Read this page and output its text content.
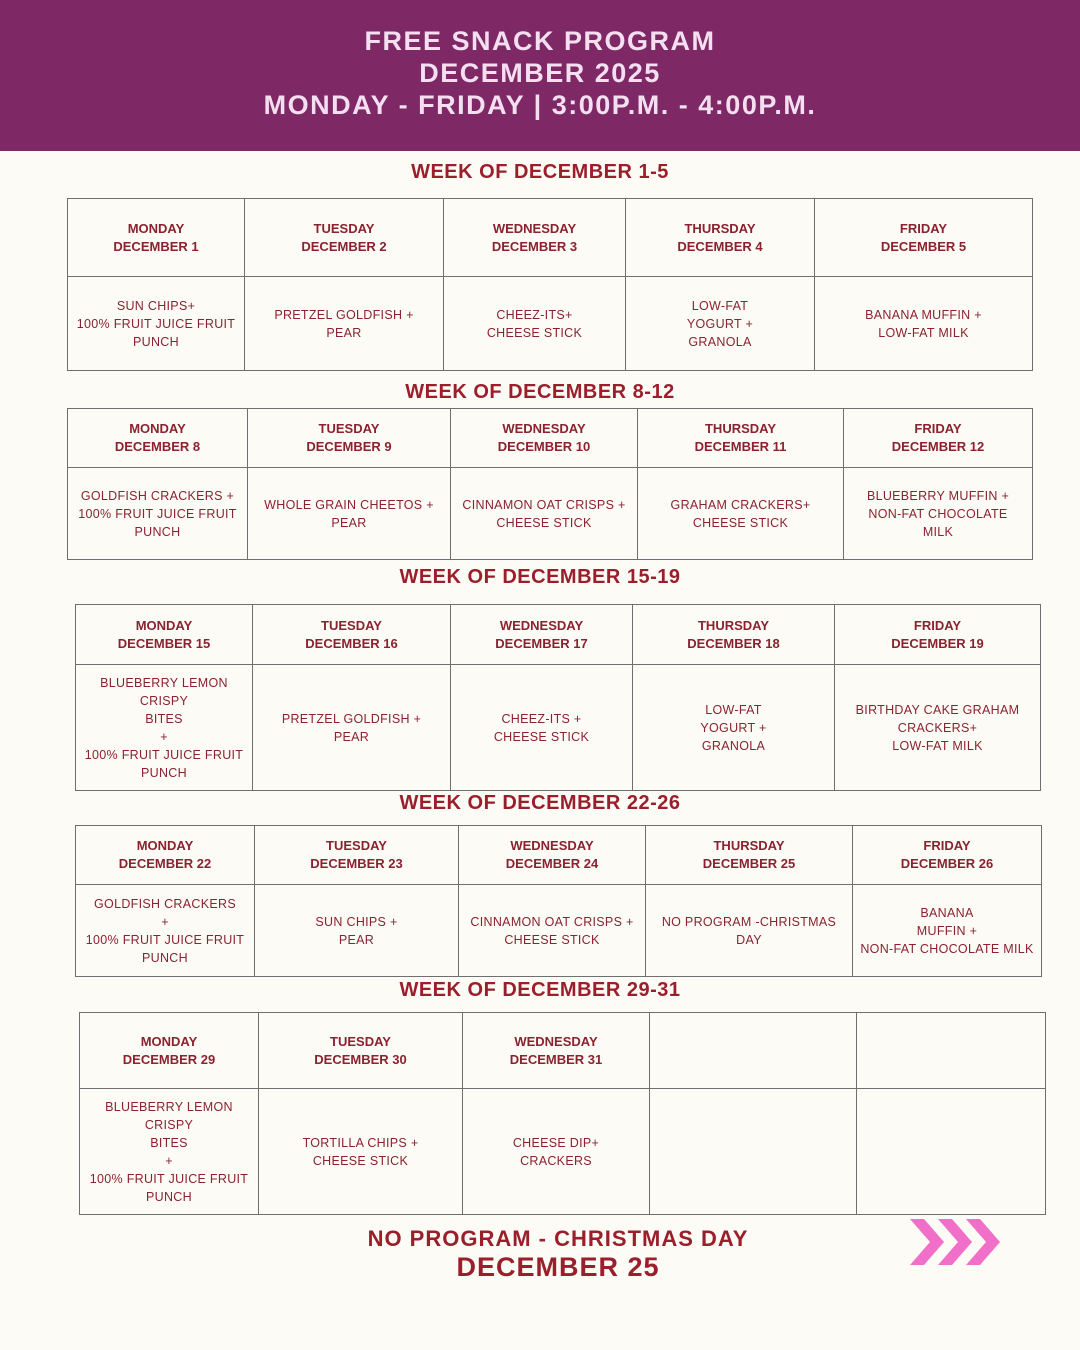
FREE SNACK PROGRAM
DECEMBER 2025
MONDAY - FRIDAY | 3:00P.M. - 4:00P.M.
WEEK OF DECEMBER 1-5
MONDAY
DECEMBER 1	TUESDAY
DECEMBER 2	WEDNESDAY
DECEMBER 3	THURSDAY
DECEMBER 4	FRIDAY
DECEMBER 5

SUN CHIPS+
100% FRUIT JUICE FRUIT
PUNCH	PRETZEL GOLDFISH +
PEAR	CHEEZ-ITS+
CHEESE STICK	LOW-FAT
YOGURT +
GRANOLA	BANANA MUFFIN +
LOW-FAT MILK
WEEK OF DECEMBER 8-12
MONDAY
DECEMBER 8	TUESDAY
DECEMBER 9	WEDNESDAY
DECEMBER 10	THURSDAY
DECEMBER 11	FRIDAY
DECEMBER 12

GOLDFISH CRACKERS +
100% FRUIT JUICE FRUIT
PUNCH	WHOLE GRAIN CHEETOS +
PEAR	CINNAMON OAT CRISPS +
CHEESE STICK	GRAHAM CRACKERS+
CHEESE STICK	BLUEBERRY MUFFIN +
NON-FAT CHOCOLATE
MILK
WEEK OF DECEMBER 15-19
MONDAY
DECEMBER 15	TUESDAY
DECEMBER 16	WEDNESDAY
DECEMBER 17	THURSDAY
DECEMBER 18	FRIDAY
DECEMBER 19

BLUEBERRY LEMON CRISPY
BITES
+
100% FRUIT JUICE FRUIT
PUNCH	PRETZEL GOLDFISH +
PEAR	CHEEZ-ITS +
CHEESE STICK	LOW-FAT
YOGURT +
GRANOLA	BIRTHDAY CAKE GRAHAM
CRACKERS+
LOW-FAT MILK
WEEK OF DECEMBER 22-26
MONDAY
DECEMBER 22	TUESDAY
DECEMBER 23	WEDNESDAY
DECEMBER 24	THURSDAY
DECEMBER 25	FRIDAY
DECEMBER 26

GOLDFISH CRACKERS
+
100% FRUIT JUICE FRUIT
PUNCH	SUN CHIPS +
PEAR	CINNAMON OAT CRISPS +
CHEESE STICK	NO PROGRAM -CHRISTMAS
DAY	BANANA
MUFFIN +
NON-FAT CHOCOLATE MILK
WEEK OF DECEMBER 29-31
MONDAY
DECEMBER 29	TUESDAY
DECEMBER 30	WEDNESDAY
DECEMBER 31		

BLUEBERRY LEMON CRISPY
BITES
+
100% FRUIT JUICE FRUIT
PUNCH	TORTILLA CHIPS +
CHEESE STICK	CHEESE DIP+
CRACKERS		
NO PROGRAM - CHRISTMAS DAY
DECEMBER 25
